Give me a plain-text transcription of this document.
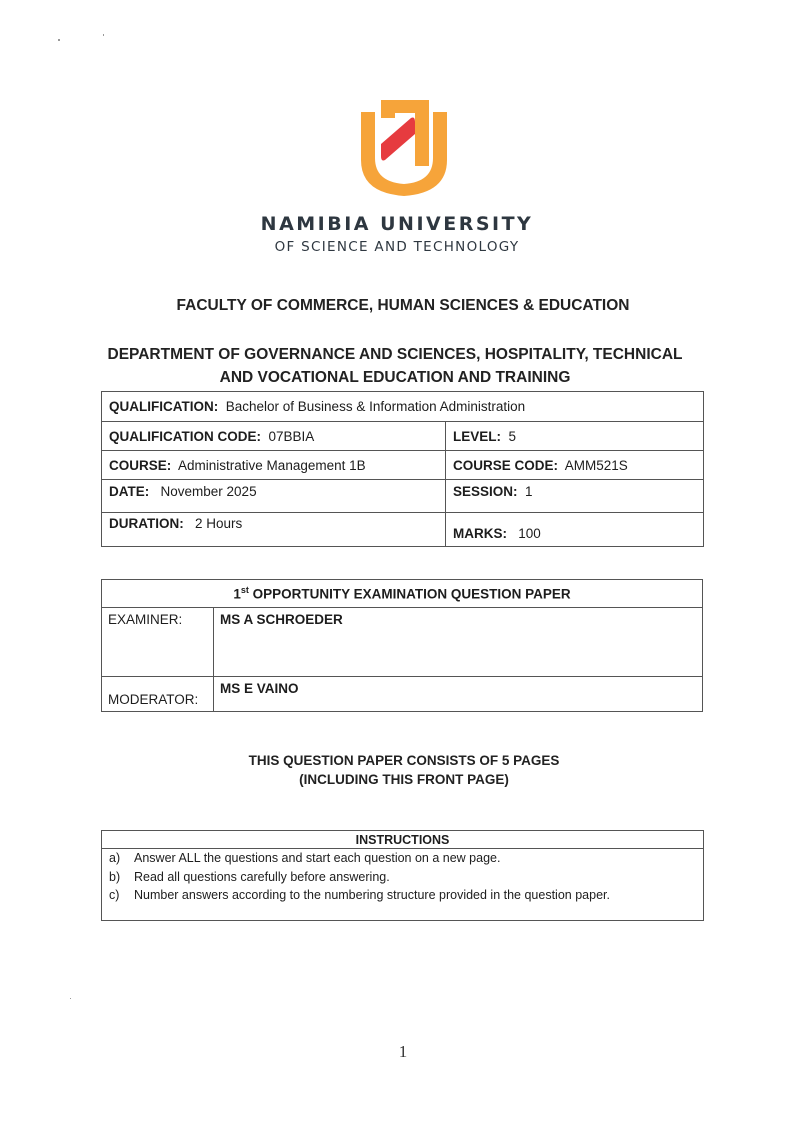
NAMIBIA UNIVERSITY
OF SCIENCE AND TECHNOLOGY
FACULTY OF COMMERCE, HUMAN SCIENCES & EDUCATION
DEPARTMENT OF GOVERNANCE AND SCIENCES, HOSPITALITY, TECHNICAL
AND VOCATIONAL EDUCATION AND TRAINING
QUALIFICATION: Bachelor of Business & Information Administration	
QUALIFICATION CODE: 07BBIA	LEVEL: 5
COURSE: Administrative Management 1B	COURSE CODE: AMM521S
DATE: November 2025	SESSION: 1
DURATION: 2 Hours	MARKS: 100
1st OPPORTUNITY EXAMINATION QUESTION PAPER	
EXAMINER:	MS A SCHROEDER
MODERATOR:	MS E VAINO
THIS QUESTION PAPER CONSISTS OF 5 PAGES
(INCLUDING THIS FRONT PAGE)
INSTRUCTIONS
a)	Answer ALL the questions and start each question on a new page.
b)	Read all questions carefully before answering.
c)	Number answers according to the numbering structure provided in the question paper.
1
